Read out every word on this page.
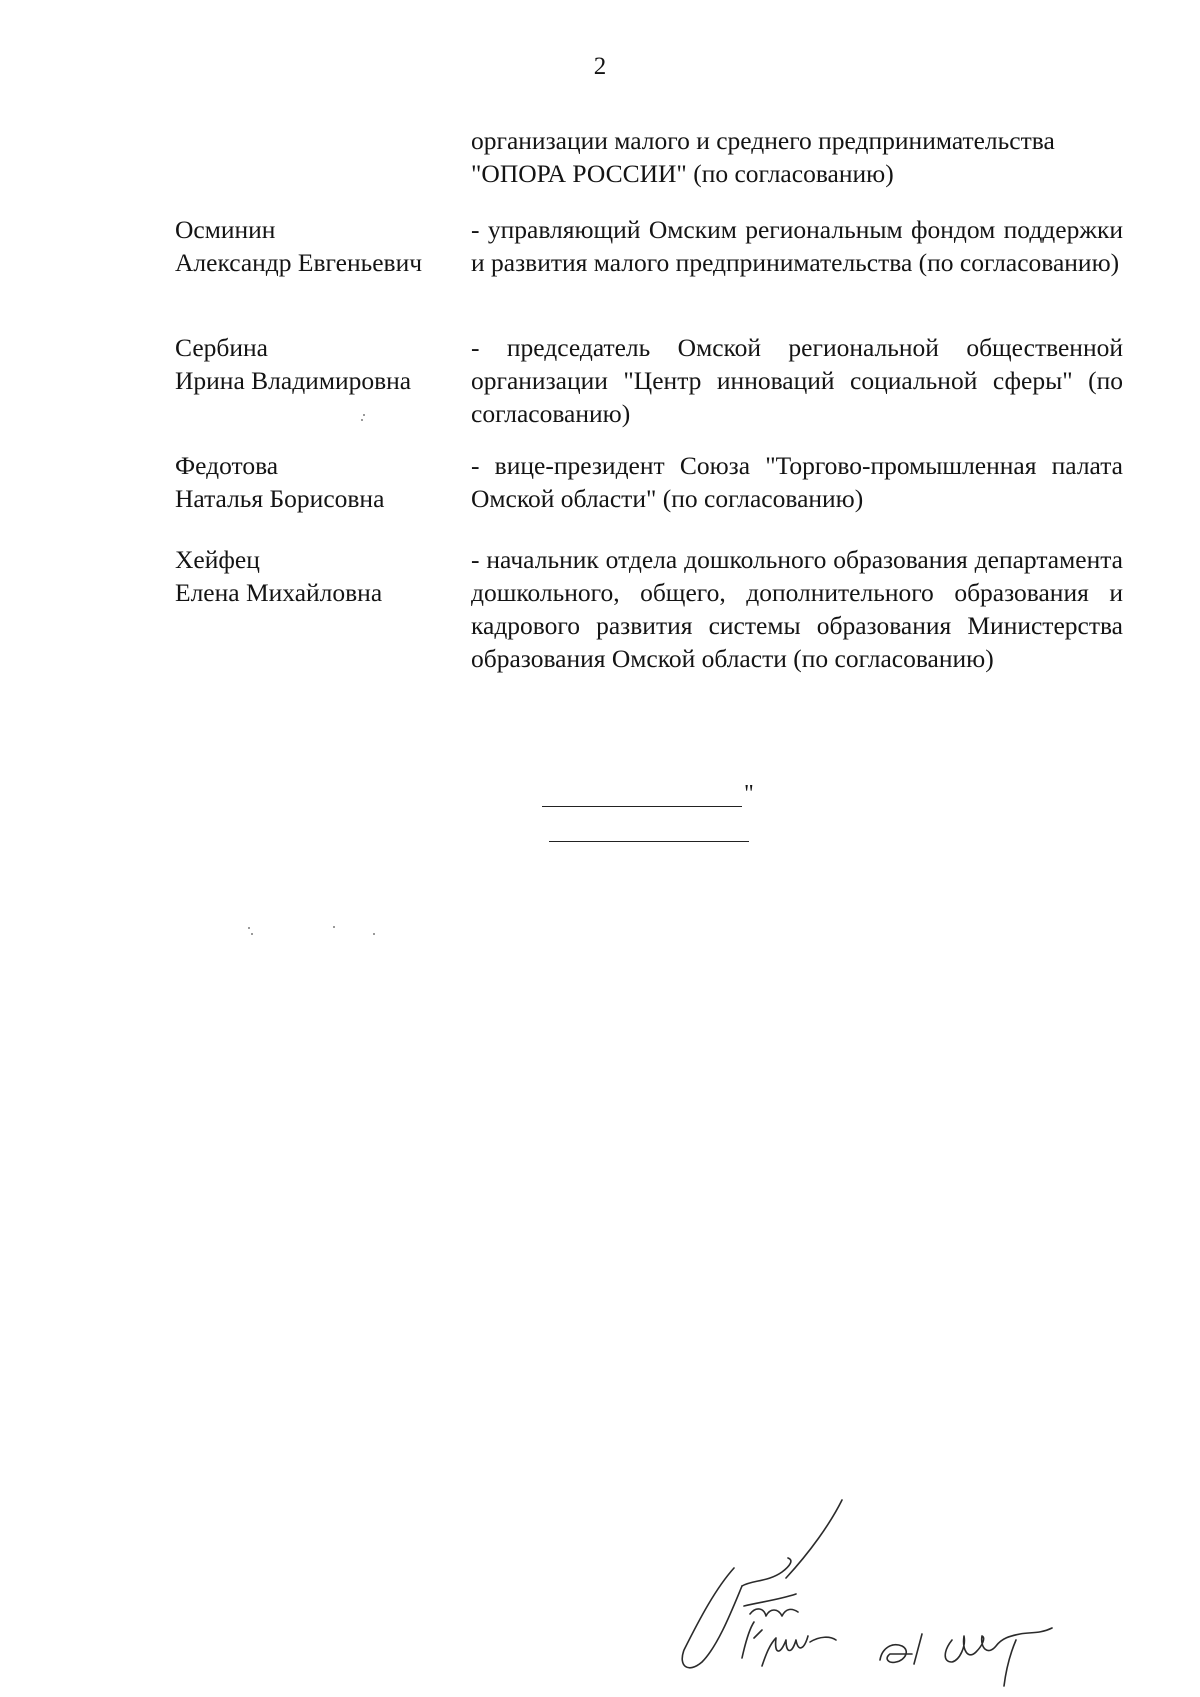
2
организации малого и среднего предпринимательства
"ОПОРА РОССИИ" (по согласованию)
Осминин
Александр Евгеньевич
- управляющий Омским региональным фондом поддержки и развития малого предпринимательства (по согласованию)
Сербина
Ирина Владимировна
- председатель Омской региональной общественной организации "Центр инноваций социальной сферы" (по согласованию)
Федотова
Наталья Борисовна
- вице-президент Союза "Торгово-промышленная палата Омской области" (по согласованию)
Хейфец
Елена Михайловна
- начальник отдела дошкольного образования департамента дошкольного, общего, дополнительного образования и кадрового развития системы образования Министерства образования Омской области (по согласованию)
"
